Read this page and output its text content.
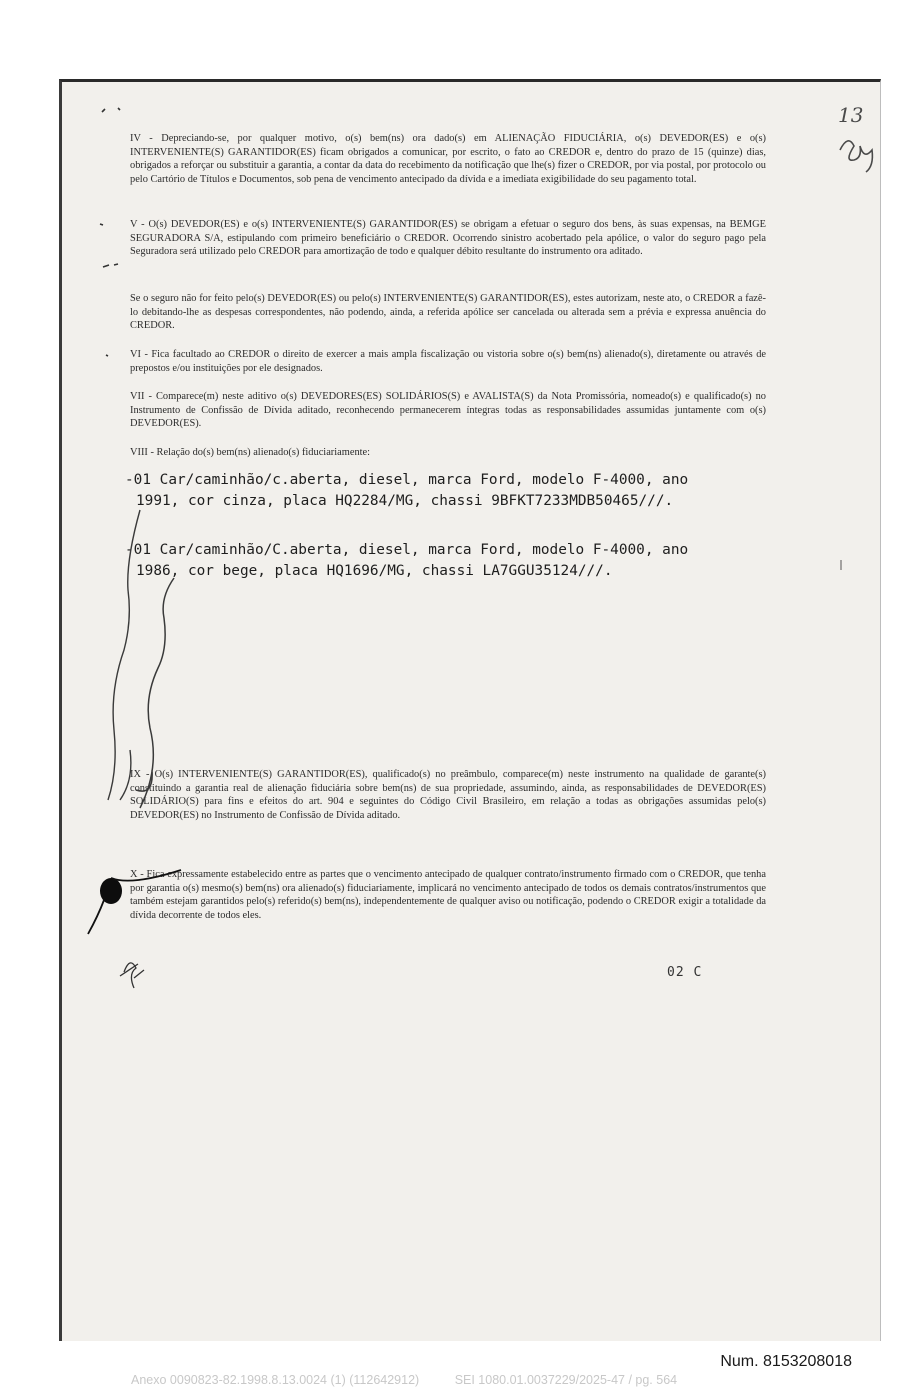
IV - Depreciando-se, por qualquer motivo, o(s) bem(ns) ora dado(s) em ALIENAÇÃO FIDUCIÁRIA, o(s) DEVEDOR(ES) e o(s) INTERVENIENTE(S) GARANTIDOR(ES) ficam obrigados a comunicar, por escrito, o fato ao CREDOR e, dentro do prazo de 15 (quinze) dias, obrigados a reforçar ou substituir a garantia, a contar da data do recebimento da notificação que lhe(s) fizer o CREDOR, por via postal, por protocolo ou pelo Cartório de Títulos e Documentos, sob pena de vencimento antecipado da dívida e a imediata exigibilidade do seu pagamento total.

V - O(s) DEVEDOR(ES) e o(s) INTERVENIENTE(S) GARANTIDOR(ES) se obrigam a efetuar o seguro dos bens, às suas expensas, na BEMGE SEGURADORA S/A, estipulando com primeiro beneficiário o CREDOR. Ocorrendo sinistro acobertado pela apólice, o valor do seguro pago pela Seguradora será utilizado pelo CREDOR para amortização de todo e qualquer débito resultante do instrumento ora aditado.

Se o seguro não for feito pelo(s) DEVEDOR(ES) ou pelo(s) INTERVENIENTE(S) GARANTIDOR(ES), estes autorizam, neste ato, o CREDOR a fazê-lo debitando-lhe as despesas correspondentes, não podendo, ainda, a referida apólice ser cancelada ou alterada sem a prévia e expressa anuência do CREDOR.

VI - Fica facultado ao CREDOR o direito de exercer a mais ampla fiscalização ou vistoria sobre o(s) bem(ns) alienado(s), diretamente ou através de prepostos e/ou instituições por ele designados.

VII - Comparece(m) neste aditivo o(s) DEVEDORES(ES) SOLIDÁRIOS(S) e AVALISTA(S) da Nota Promissória, nomeado(s) e qualificado(s) no Instrumento de Confissão de Dívida aditado, reconhecendo permanecerem íntegras todas as responsabilidades assumidas juntamente com o(s) DEVEDOR(ES).

VIII - Relação do(s) bem(ns) alienado(s) fiduciariamente:

-01 Car/caminhão/c.aberta, diesel, marca Ford, modelo F-4000, ano
1991, cor cinza, placa HQ2284/MG, chassi 9BFKT7233MDB50465///.
-01 Car/caminhão/C.aberta, diesel, marca Ford, modelo F-4000, ano
1986, cor bege, placa HQ1696/MG, chassi LA7GGU35124///.

IX - O(s) INTERVENIENTE(S) GARANTIDOR(ES), qualificado(s) no preâmbulo, comparece(m) neste instrumento na qualidade de garante(s) constituindo a garantia real de alienação fiduciária sobre bem(ns) de sua propriedade, assumindo, ainda, as responsabilidades de DEVEDOR(ES) SOLIDÁRIO(S) para fins e efeitos do art. 904 e seguintes do Código Civil Brasileiro, em relação a todas as obrigações assumidas pelo(s) DEVEDOR(ES) no Instrumento de Confissão de Dívida aditado.

X - Fica expressamente estabelecido entre as partes que o vencimento antecipado de qualquer contrato/instrumento firmado com o CREDOR, que tenha por garantia o(s) mesmo(s) bem(ns) ora alienado(s) fiduciariamente, implicará no vencimento antecipado de todos os demais contratos/instrumentos que também estejam garantidos pelo(s) referido(s) bem(ns), independentemente de qualquer aviso ou notificação, podendo o CREDOR exigir a totalidade da dívida decorrente de todos eles.

02 C
13
Num. 8153208018
Anexo 0090823-82.1998.8.13.0024 (1) (112642912)	SEI 1080.01.0037229/2025-47 / pg. 564
